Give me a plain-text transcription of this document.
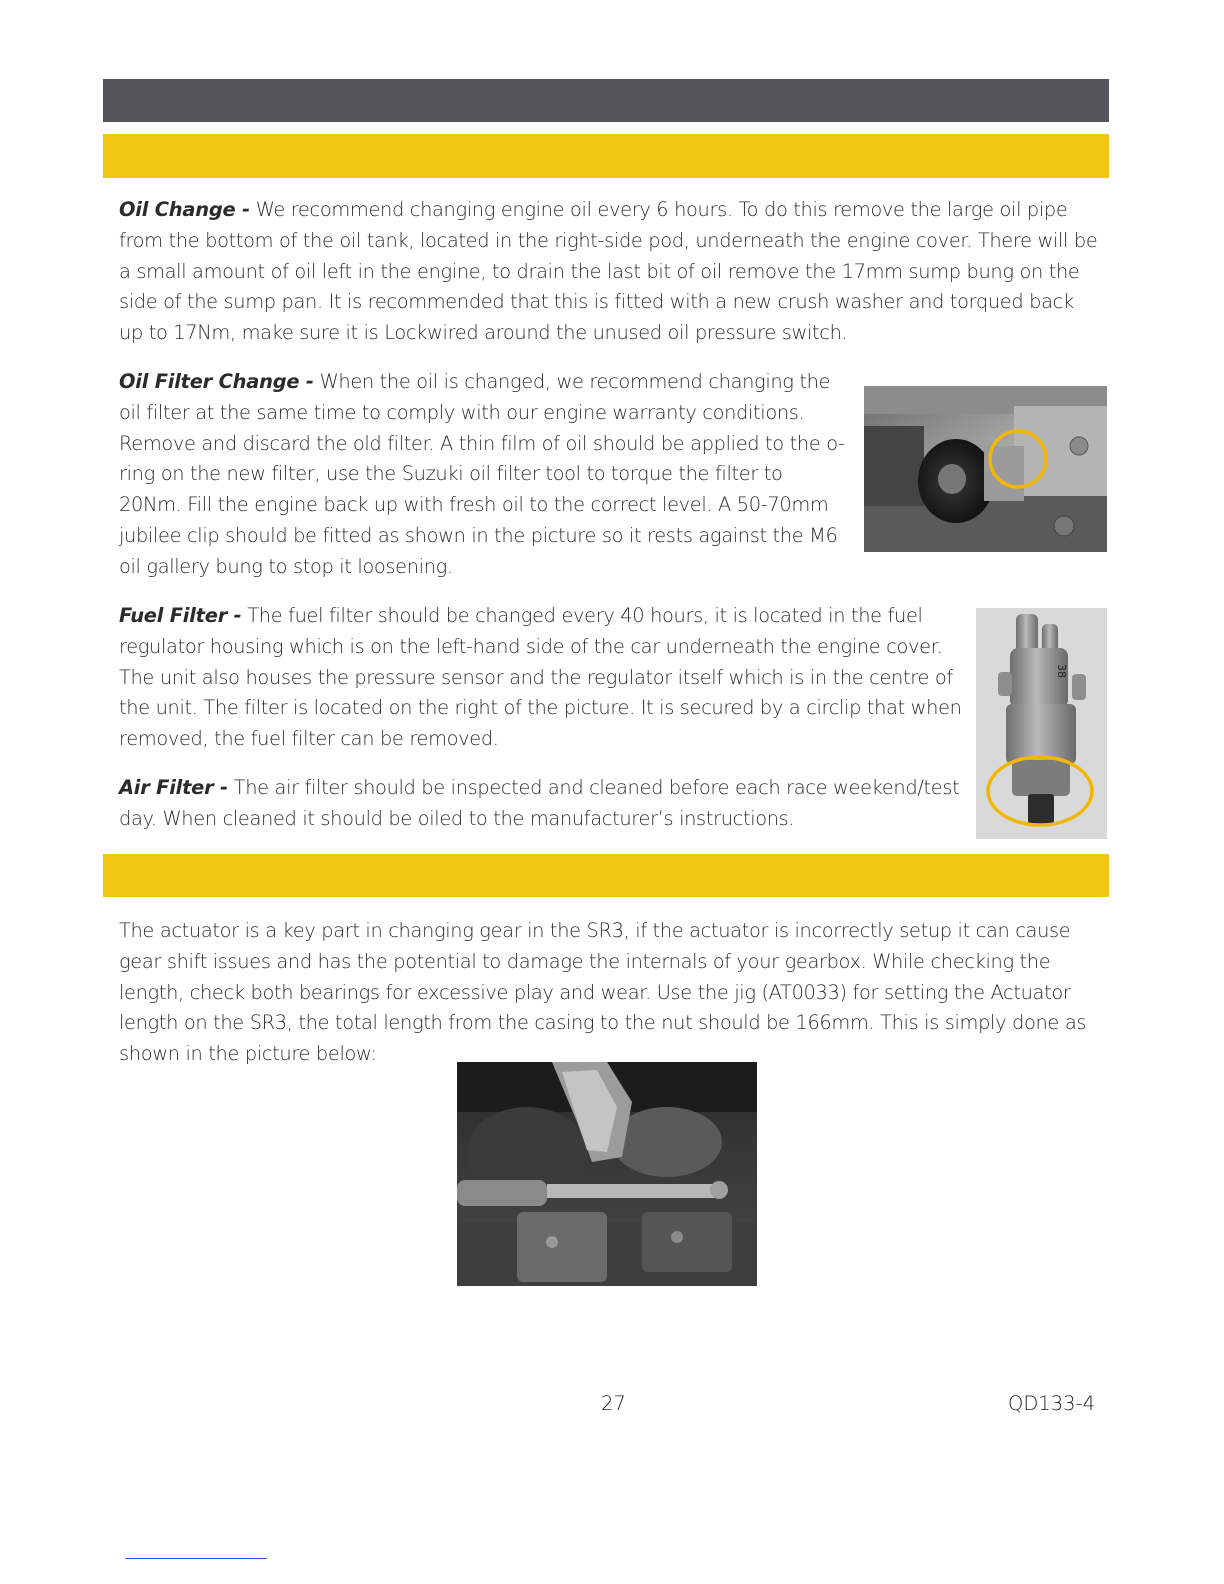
Oil Change - We recommend changing engine oil every 6 hours. To do this remove the large oil pipe from the bottom of the oil tank, located in the right-side pod, underneath the engine cover. There will be a small amount of oil left in the engine, to drain the last bit of oil remove the 17mm sump bung on the side of the sump pan. It is recommended that this is fitted with a new crush washer and torqued back up to 17Nm, make sure it is Lockwired around the unused oil pressure switch.

Oil Filter Change - When the oil is changed, we recommend changing the oil filter at the same time to comply with our engine warranty conditions. Remove and discard the old filter. A thin film of oil should be applied to the o-ring on the new filter, use the Suzuki oil filter tool to torque the filter to 20Nm. Fill the engine back up with fresh oil to the correct level. A 50-70mm jubilee clip should be fitted as shown in the picture so it rests against the M6 oil gallery bung to stop it loosening.

Fuel Filter - The fuel filter should be changed every 40 hours, it is located in the fuel regulator housing which is on the left-hand side of the car underneath the engine cover. The unit also houses the pressure sensor and the regulator itself which is in the centre of the unit. The filter is located on the right of the picture. It is secured by a circlip that when removed, the fuel filter can be removed.

38

Air Filter - The air filter should be inspected and cleaned before each race weekend/test day. When cleaned it should be oiled to the manufacturer’s instructions.

The actuator is a key part in changing gear in the SR3, if the actuator is incorrectly setup it can cause gear shift issues and has the potential to damage the internals of your gearbox. While checking the length, check both bearings for excessive play and wear. Use the jig (AT0033) for setting the Actuator length on the SR3, the total length from the casing to the nut should be 166mm. This is simply done as shown in the picture below:

27	QD133-4
